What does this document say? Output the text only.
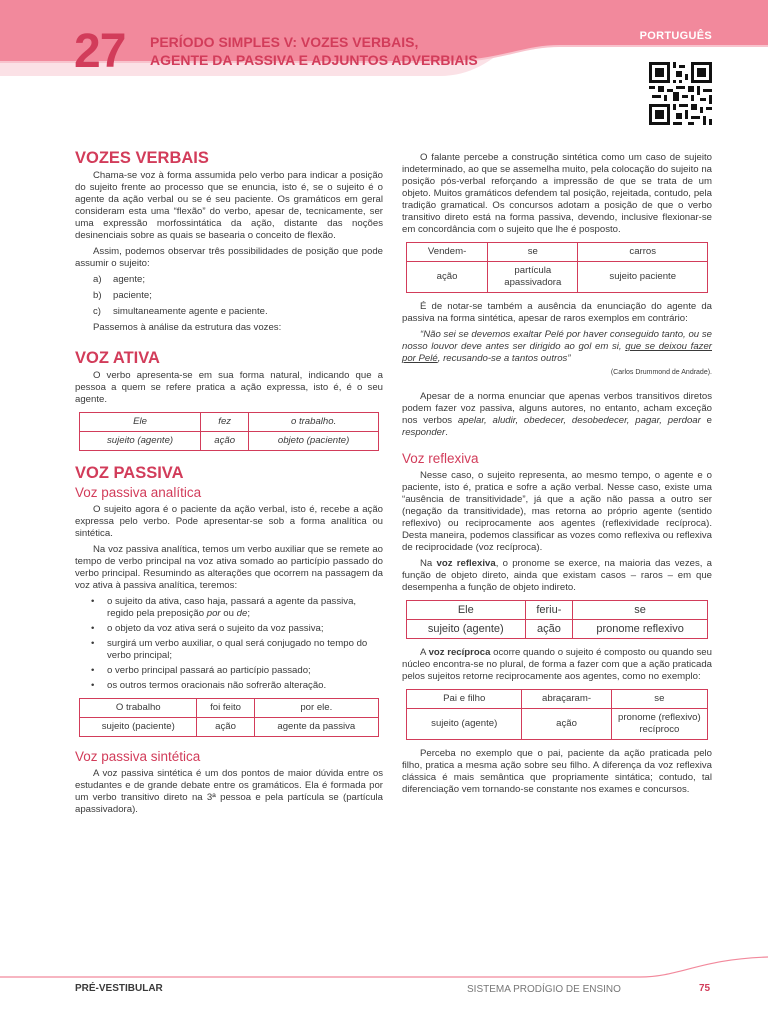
27 PERÍODO SIMPLES V: VOZES VERBAIS,
AGENTE DA PASSIVA E ADJUNTOS ADVERBIAIS
PORTUGUÊS
VOZES VERBAIS

Chama-se voz à forma assumida pelo verbo para indicar a posição do sujeito frente ao processo que se enuncia, isto é, se o sujeito é o agente da ação verbal ou se é seu paciente. Os gramáticos em geral consideram esta uma “flexão” do verbo, apesar de, tecnicamente, ser uma expressão morfossintática da ação, distante das noções desinenciais sobre as quais se basearia o conceito de flexão.

Assim, podemos observar três possibilidades de posição que pode assumir o sujeito:

a) agente;
b) paciente;
c) simultaneamente agente e paciente.

Passemos à análise da estrutura das vozes:

VOZ ATIVA

O verbo apresenta-se em sua forma natural, indicando que a pessoa a quem se refere pratica a ação expressa, isto é, é o seu agente.

Ele	fez	o trabalho.
sujeito (agente)	ação	objeto (paciente)
VOZ PASSIVA
Voz passiva analítica

O sujeito agora é o paciente da ação verbal, isto é, recebe a ação expressa pelo verbo. Pode apresentar-se sob a forma analítica ou sintética.

Na voz passiva analítica, temos um verbo auxiliar que se remete ao tempo de verbo principal na voz ativa somado ao particípio passado do verbo principal. Resumindo as alterações que ocorrem na passagem da voz ativa à passiva analítica, teremos:

• o sujeito da ativa, caso haja, passará a agente da passiva, regido pela preposição por ou de;
• o objeto da voz ativa será o sujeito da voz passiva;
• surgirá um verbo auxiliar, o qual será conjugado no tempo do verbo principal;
• o verbo principal passará ao particípio passado;
• os outros termos oracionais não sofrerão alteração.
O trabalho	foi feito	por ele.
sujeito (paciente)	ação	agente da passiva
Voz passiva sintética

A voz passiva sintética é um dos pontos de maior dúvida entre os estudantes e de grande debate entre os gramáticos. Ela é formada por um verbo transitivo direto na 3ª pessoa e pela partícula se (partícula apassivadora).

O falante percebe a construção sintética como um caso de sujeito indeterminado, ao que se assemelha muito, pela colocação do sujeito na posição pós-verbal reforçando a impressão de que se trata de um objeto. Muitos gramáticos defendem tal posição, rejeitada, contudo, pela tradição gramatical. Os concursos adotam a posição de que o verbo transitivo direto está na forma passiva, devendo, inclusive flexionar-se em concordância com o sujeito que lhe é posposto.

Vendem-	se	carros
ação	partícula apassivadora	sujeito paciente

É de notar-se também a ausência da enunciação do agente da passiva na forma sintética, apesar de raros exemplos em contrário:

“Não sei se devemos exaltar Pelé por haver conseguido tanto, ou se nosso louvor deve antes ser dirigido ao gol em si, que se deixou fazer por Pelé, recusando-se a tantos outros”

(Carlos Drummond de Andrade).

Apesar de a norma enunciar que apenas verbos transitivos diretos podem fazer voz passiva, alguns autores, no entanto, acham exceção nos verbos apelar, aludir, obedecer, desobedecer, pagar, perdoar e responder.

Voz reflexiva

Nesse caso, o sujeito representa, ao mesmo tempo, o agente e o paciente, isto é, pratica e sofre a ação verbal. Nesse caso, existe uma “ausência de transitividade”, já que a ação não passa a outro ser (negação da transitividade), mas retorna ao próprio agente (sentido reflexivo) ou reciprocamente aos agentes (reflexividade recíproca). Desta maneira, podemos classificar as vozes como reflexiva ou reflexiva de reciprocidade (voz recíproca).

Na voz reflexiva, o pronome se exerce, na maioria das vezes, a função de objeto direto, ainda que existam casos – raros – em que desempenha a função de objeto indireto.

Ele	feriu-	se
sujeito (agente)	ação	pronome reflexivo

A voz recíproca ocorre quando o sujeito é composto ou quando seu núcleo encontra-se no plural, de forma a fazer com que a ação praticada pelos sujeitos retorne reciprocamente aos agentes, como no exemplo:

Pai e filho	abraçaram-	se
sujeito (agente)	ação	pronome (reflexivo) recíproco

Perceba no exemplo que o pai, paciente da ação praticada pelo filho, pratica a mesma ação sobre seu filho. A diferença da voz reflexiva clássica é mais semântica que propriamente sintática; contudo, tal diferenciação vem tornando-se constante nos exames e concursos.

PRÉ-VESTIBULAR	SISTEMA PRODÍGIO DE ENSINO	75
